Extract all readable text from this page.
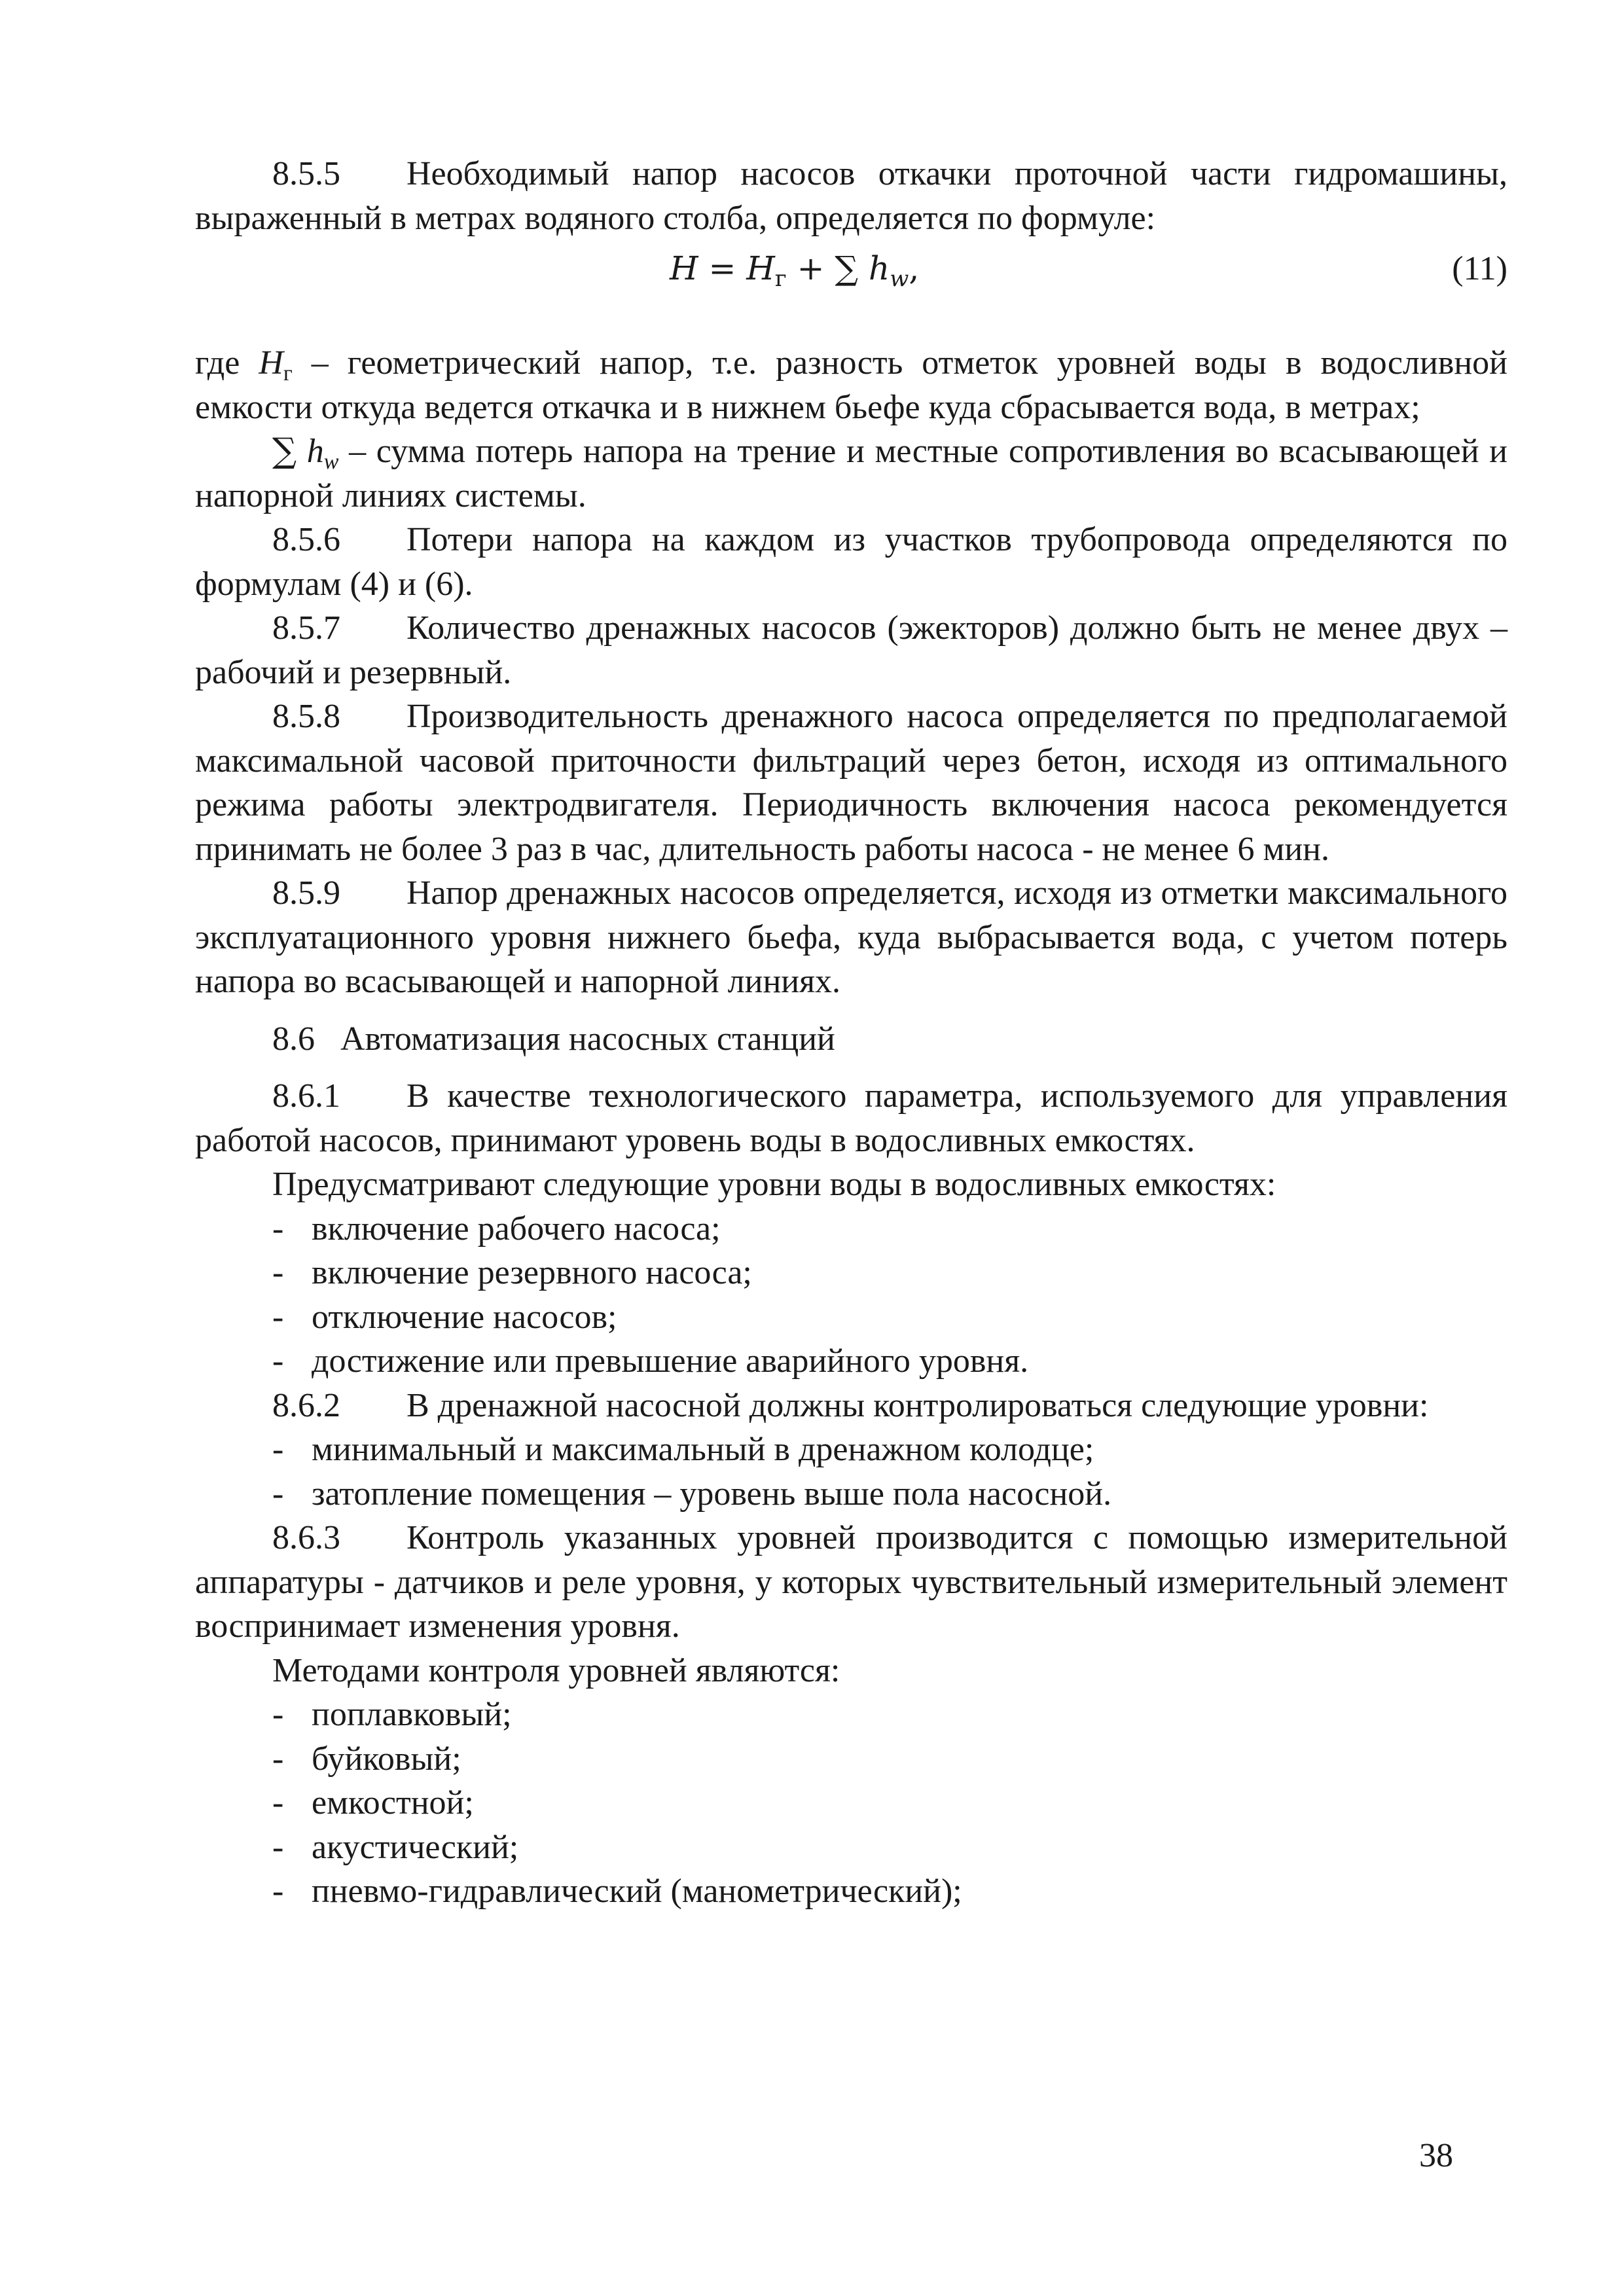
8.5.5 Необходимый напор насосов откачки проточной части гидромашины, выраженный в метрах водяного столба, определяется по формуле:

$H = H_г$ + ∑ $h_w$,	(11)

где $H_г$ – геометрический напор, т.е. разность отметок уровней воды в водосливной емкости откуда ведется откачка и в нижнем бьефе куда сбрасывается вода, в метрах;

∑ $h_w$ – сумма потерь напора на трение и местные сопротивления во всасывающей и напорной линиях системы.

8.5.6 Потери напора на каждом из участков трубопровода определяются по формулам (4) и (6).

8.5.7 Количество дренажных насосов (эжекторов) должно быть не менее двух – рабочий и резервный.

8.5.8 Производительность дренажного насоса определяется по предполагаемой максимальной часовой приточности фильтраций через бетон, исходя из оптимального режима работы электродвигателя. Периодичность включения насоса рекомендуется принимать не более 3 раз в час, длительность работы насоса - не менее 6 мин.

8.5.9 Напор дренажных насосов определяется, исходя из отметки максимального эксплуатационного уровня нижнего бьефа, куда выбрасывается вода, с учетом потерь напора во всасывающей и напорной линиях.

8.6 Автоматизация насосных станций

8.6.1 В качестве технологического параметра, используемого для управления работой насосов, принимают уровень воды в водосливных емкостях.

Предусматривают следующие уровни воды в водосливных емкостях:

- включение рабочего насоса;

- включение резервного насоса;

- отключение насосов;

- достижение или превышение аварийного уровня.

8.6.2 В дренажной насосной должны контролироваться следующие уровни:

- минимальный и максимальный в дренажном колодце;

- затопление помещения – уровень выше пола насосной.

8.6.3 Контроль указанных уровней производится с помощью измерительной аппаратуры - датчиков и реле уровня, у которых чувствительный измерительный элемент воспринимает изменения уровня.

Методами контроля уровней являются:

- поплавковый;

- буйковый;

- емкостной;

- акустический;

- пневмо-гидравлический (манометрический);

38
